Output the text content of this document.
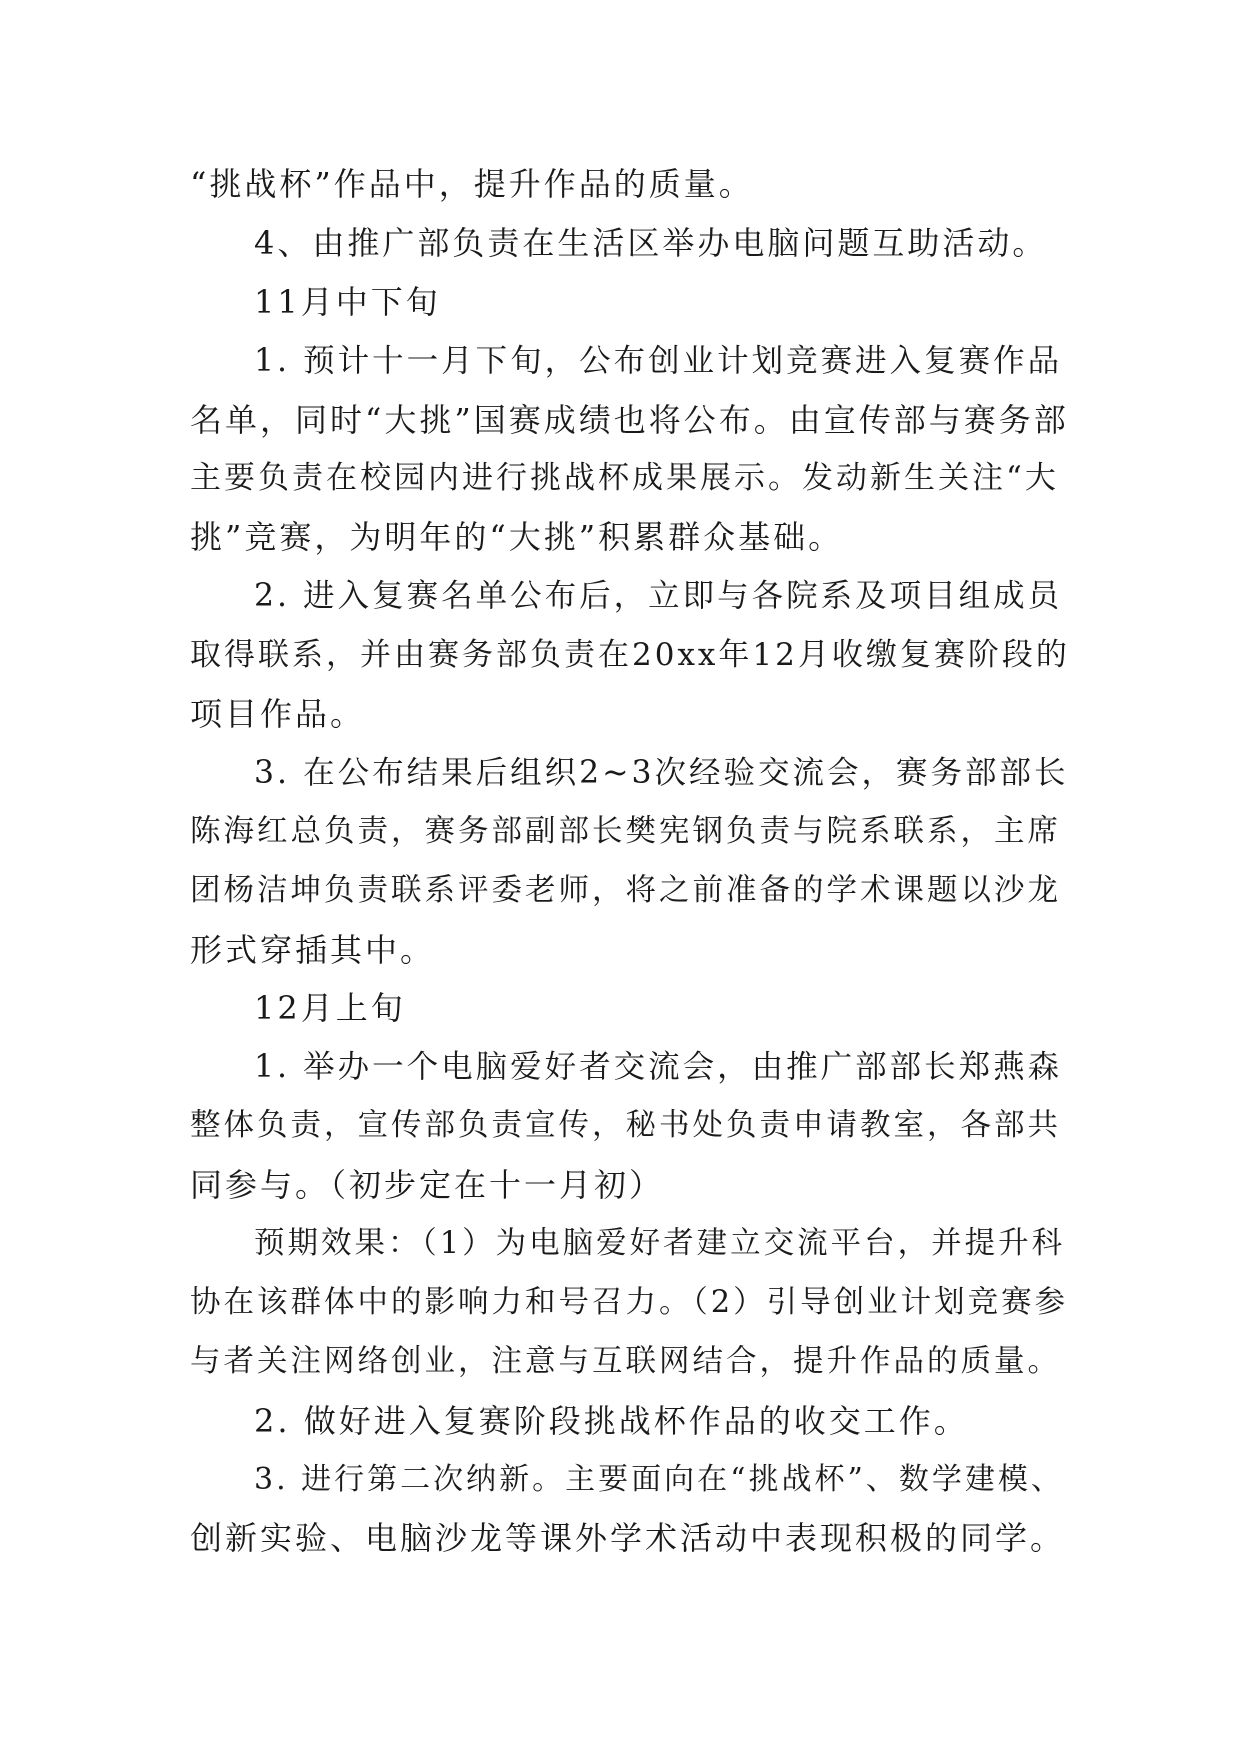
“挑战杯”作品中，提升作品的质量。
4、由推广部负责在生活区举办电脑问题互助活动。
11月中下旬
1. 预计十一月下旬，公布创业计划竞赛进入复赛作品
名单，同时“大挑”国赛成绩也将公布。由宣传部与赛务部
主要负责在校园内进行挑战杯成果展示。发动新生关注“大
挑”竞赛，为明年的“大挑”积累群众基础。
2. 进入复赛名单公布后，立即与各院系及项目组成员
取得联系，并由赛务部负责在20xx年12月收缴复赛阶段的
项目作品。
3. 在公布结果后组织2~3次经验交流会，赛务部部长
陈海红总负责，赛务部副部长樊宪钢负责与院系联系，主席
团杨洁坤负责联系评委老师，将之前准备的学术课题以沙龙
形式穿插其中。
12月上旬
1. 举办一个电脑爱好者交流会，由推广部部长郑燕森
整体负责，宣传部负责宣传，秘书处负责申请教室，各部共
同参与。（初步定在十一月初）
预期效果：（1）为电脑爱好者建立交流平台，并提升科
协在该群体中的影响力和号召力。（2）引导创业计划竞赛参
与者关注网络创业，注意与互联网结合，提升作品的质量。
2. 做好进入复赛阶段挑战杯作品的收交工作。
3. 进行第二次纳新。主要面向在“挑战杯”、数学建模、
创新实验、电脑沙龙等课外学术活动中表现积极的同学。
